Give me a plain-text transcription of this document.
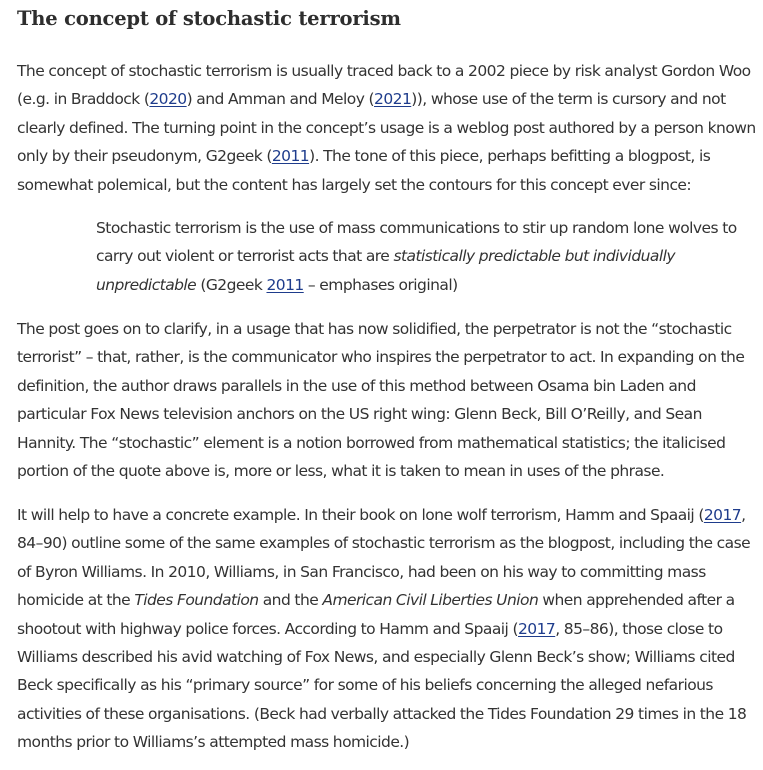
The concept of stochastic terrorism

The concept of stochastic terrorism is usually traced back to a 2002 piece by risk analyst Gordon Woo (e.g. in Braddock (2020) and Amman and Meloy (2021)), whose use of the term is cursory and not clearly defined. The turning point in the concept’s usage is a weblog post authored by a person known only by their pseudonym, G2geek (2011). The tone of this piece, perhaps befitting a blogpost, is somewhat polemical, but the content has largely set the contours for this concept ever since:

Stochastic terrorism is the use of mass communications to stir up random lone wolves to carry out violent or terrorist acts that are statistically predictable but individually unpredictable (G2geek 2011 – emphases original)

The post goes on to clarify, in a usage that has now solidified, the perpetrator is not the “stochastic terrorist” – that, rather, is the communicator who inspires the perpetrator to act. In expanding on the definition, the author draws parallels in the use of this method between Osama bin Laden and particular Fox News television anchors on the US right wing: Glenn Beck, Bill O’Reilly, and Sean Hannity. The “stochastic” element is a notion borrowed from mathematical statistics; the italicised portion of the quote above is, more or less, what it is taken to mean in uses of the phrase.

It will help to have a concrete example. In their book on lone wolf terrorism, Hamm and Spaaij (2017, 84–90) outline some of the same examples of stochastic terrorism as the blogpost, including the case of Byron Williams. In 2010, Williams, in San Francisco, had been on his way to committing mass homicide at the Tides Foundation and the American Civil Liberties Union when apprehended after a shootout with highway police forces. According to Hamm and Spaaij (2017, 85–86), those close to Williams described his avid watching of Fox News, and especially Glenn Beck’s show; Williams cited Beck specifically as his “primary source” for some of his beliefs concerning the alleged nefarious activities of these organisations. (Beck had verbally attacked the Tides Foundation 29 times in the 18 months prior to Williams’s attempted mass homicide.)
